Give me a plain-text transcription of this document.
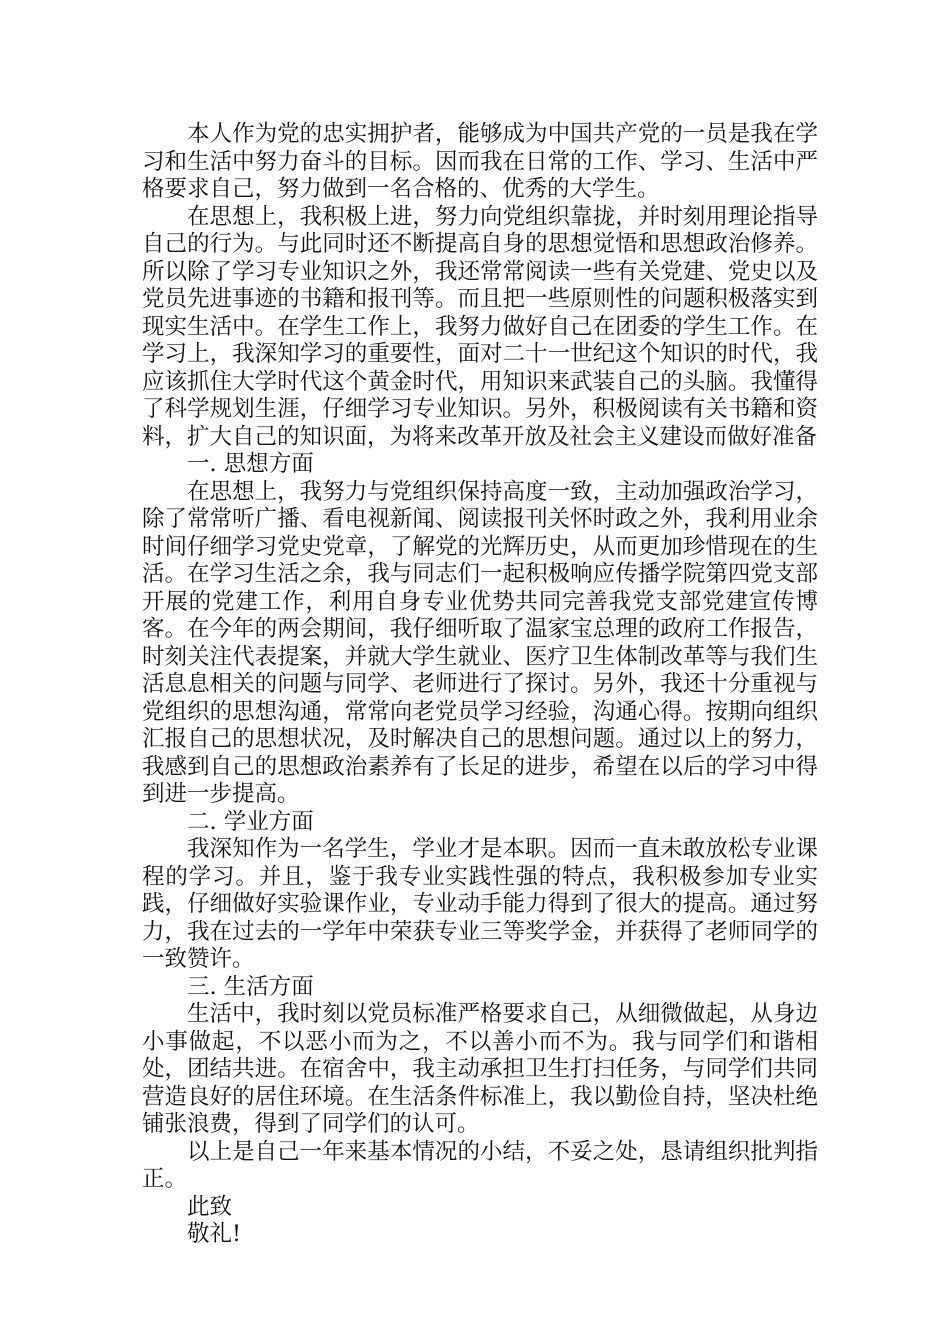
本人作为党的忠实拥护者，能够成为中国共产党的一员是我在学习和生活中努力奋斗的目标。因而我在日常的工作、学习、生活中严格要求自己，努力做到一名合格的、优秀的大学生。

在思想上，我积极上进，努力向党组织靠拢，并时刻用理论指导自己的行为。与此同时还不断提高自身的思想觉悟和思想政治修养。所以除了学习专业知识之外，我还常常阅读一些有关党建、党史以及党员先进事迹的书籍和报刊等。而且把一些原则性的问题积极落实到现实生活中。在学生工作上，我努力做好自己在团委的学生工作。在学习上，我深知学习的重要性，面对二十一世纪这个知识的时代，我应该抓住大学时代这个黄金时代，用知识来武装自己的头脑。我懂得了科学规划生涯，仔细学习专业知识。另外，积极阅读有关书籍和资料，扩大自己的知识面，为将来改革开放及社会主义建设而做好准备

一. 思想方面

在思想上，我努力与党组织保持高度一致，主动加强政治学习，除了常常听广播、看电视新闻、阅读报刊关怀时政之外，我利用业余时间仔细学习党史党章，了解党的光辉历史，从而更加珍惜现在的生活。在学习生活之余，我与同志们一起积极响应传播学院第四党支部开展的党建工作，利用自身专业优势共同完善我党支部党建宣传博客。在今年的两会期间，我仔细听取了温家宝总理的政府工作报告，时刻关注代表提案，并就大学生就业、医疗卫生体制改革等与我们生活息息相关的问题与同学、老师进行了探讨。另外，我还十分重视与党组织的思想沟通，常常向老党员学习经验，沟通心得。按期向组织汇报自己的思想状况，及时解决自己的思想问题。通过以上的努力，我感到自己的思想政治素养有了长足的进步，希望在以后的学习中得到进一步提高。

二. 学业方面

我深知作为一名学生，学业才是本职。因而一直未敢放松专业课程的学习。并且，鉴于我专业实践性强的特点，我积极参加专业实践，仔细做好实验课作业，专业动手能力得到了很大的提高。通过努力，我在过去的一学年中荣获专业三等奖学金，并获得了老师同学的一致赞许。

三. 生活方面

生活中，我时刻以党员标准严格要求自己，从细微做起，从身边小事做起，不以恶小而为之，不以善小而不为。我与同学们和谐相处，团结共进。在宿舍中，我主动承担卫生打扫任务，与同学们共同营造良好的居住环境。在生活条件标准上，我以勤俭自持，坚决杜绝铺张浪费，得到了同学们的认可。

以上是自己一年来基本情况的小结，不妥之处，恳请组织批判指正。

此致

敬礼!
